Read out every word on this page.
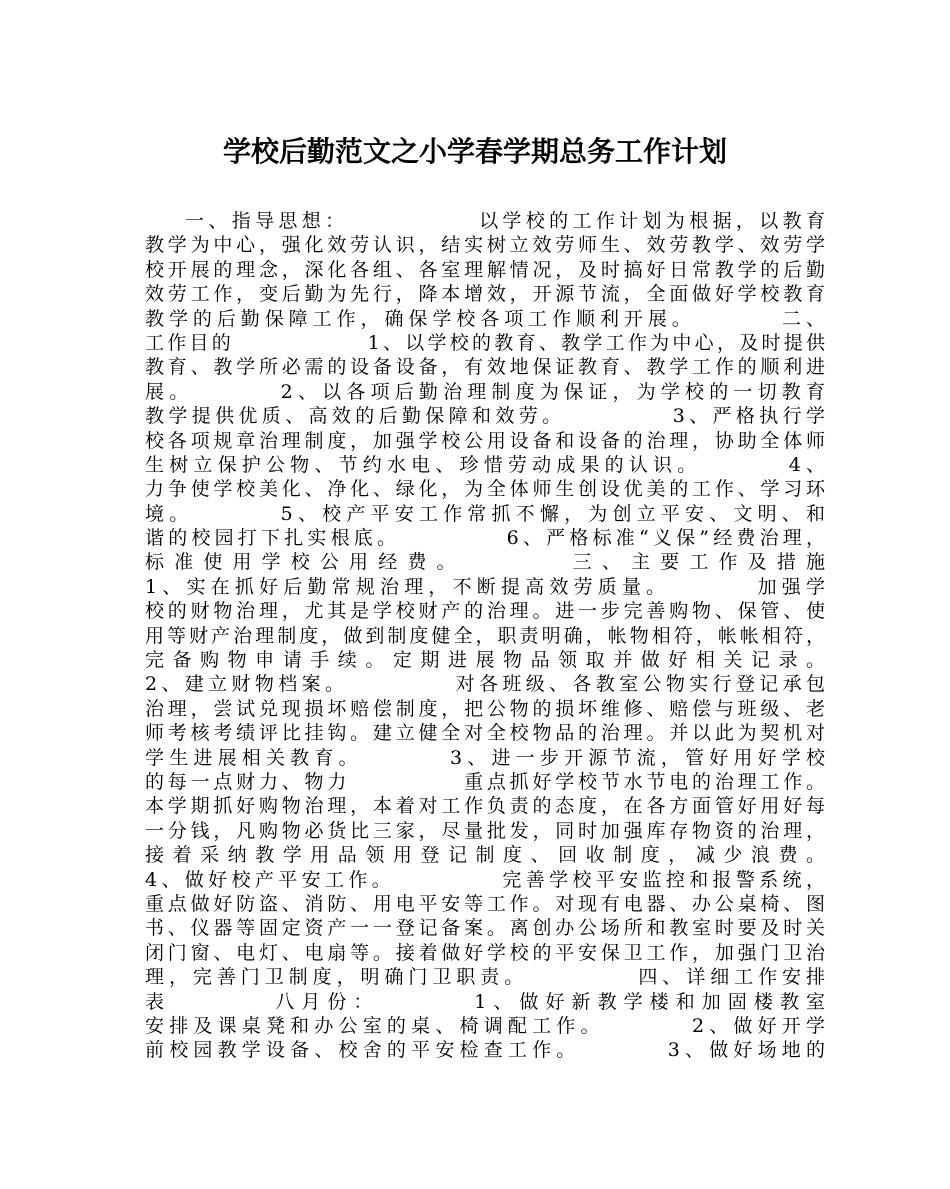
学校后勤范文之小学春学期总务工作计划
一、指导思想：　　　　　　以学校的工作计划为根据，以教育
教学为中心，强化效劳认识，结实树立效劳师生、效劳教学、效劳学
校开展的理念，深化各组、各室理解情况，及时搞好日常教学的后勤
效劳工作，变后勤为先行，降本增效，开源节流，全面做好学校教育
教学的后勤保障工作，确保学校各项工作顺利开展。　　　　二、
工作目的　　　　　　1、以学校的教育、教学工作为中心，及时提供
教育、教学所必需的设备设备，有效地保证教育、教学工作的顺利进
展。　　　　2、以各项后勤治理制度为保证，为学校的一切教育
教学提供优质、高效的后勤保障和效劳。　　　　　3、严格执行学
校各项规章治理制度，加强学校公用设备和设备的治理，协助全体师
生树立保护公物、节约水电、珍惜劳动成果的认识。　　　　4、
力争使学校美化、净化、绿化，为全体师生创设优美的工作、学习环
境。　　　　5、校产平安工作常抓不懈，为创立平安、文明、和
谐的校园打下扎实根底。　　　　　6、严格标准“义保”经费治理，
标准使用学校公用经费。　　　　三、主要工作及措施
1、实在抓好后勤常规治理，不断提高效劳质量。　　　　加强学
校的财物治理，尤其是学校财产的治理。进一步完善购物、保管、使
用等财产治理制度，做到制度健全，职责明确，帐物相符，帐帐相符，
完备购物申请手续。定期进展物品领取并做好相关记录。
2、建立财物档案。　　　　　对各班级、各教室公物实行登记承包
治理，尝试兑现损坏赔偿制度，把公物的损坏维修、赔偿与班级、老
师考核考绩评比挂钩。建立健全对全校物品的治理。并以此为契机对
学生进展相关教育。　　　　3、进一步开源节流，管好用好学校
的每一点财力、物力　　　　　重点抓好学校节水节电的治理工作。
本学期抓好购物治理，本着对工作负责的态度，在各方面管好用好每
一分钱，凡购物必货比三家，尽量批发，同时加强库存物资的治理，
接着采纳教学用品领用登记制度、回收制度，减少浪费。
4、做好校产平安工作。　　　　　完善学校平安监控和报警系统，
重点做好防盗、消防、用电平安等工作。对现有电器、办公桌椅、图
书、仪器等固定资产一一登记备案。离创办公场所和教室时要及时关
闭门窗、电灯、电扇等。接着做好学校的平安保卫工作，加强门卫治
理，完善门卫制度，明确门卫职责。　　　　　四、详细工作安排
表　　　　八月份：　　　　1、做好新教学楼和加固楼教室
安排及课桌凳和办公室的桌、椅调配工作。　　　　2、做好开学
前校园教学设备、校舍的平安检查工作。　　　　3、做好场地的
